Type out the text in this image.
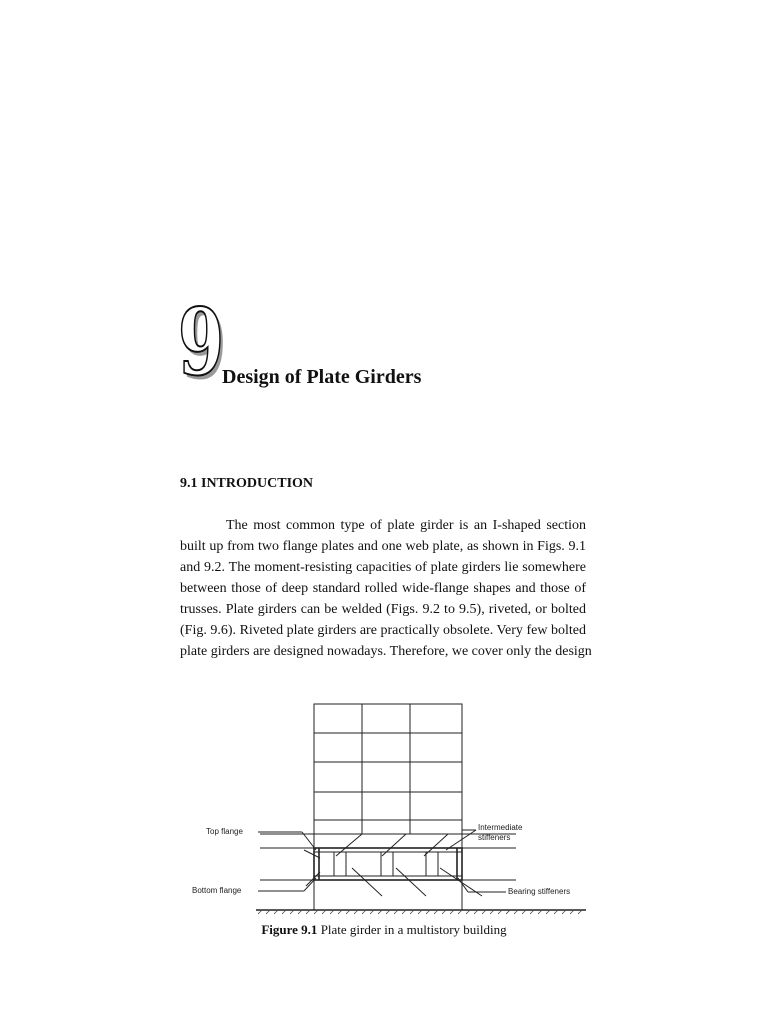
9
Design of Plate Girders
9.1 INTRODUCTION
The most common type of plate girder is an I-shaped section
built up from two flange plates and one web plate, as shown in Figs. 9.1
and 9.2. The moment-resisting capacities of plate girders lie somewhere
between those of deep standard rolled wide-flange shapes and those of
trusses. Plate girders can be welded (Figs. 9.2 to 9.5), riveted, or bolted
(Fig. 9.6). Riveted plate girders are practically obsolete. Very few bolted
plate girders are designed nowadays. Therefore, we cover only the design
Top flange
Bottom flange
Intermediate
stiffeners
Bearing stiffeners
Figure 9.1 Plate girder in a multistory building
